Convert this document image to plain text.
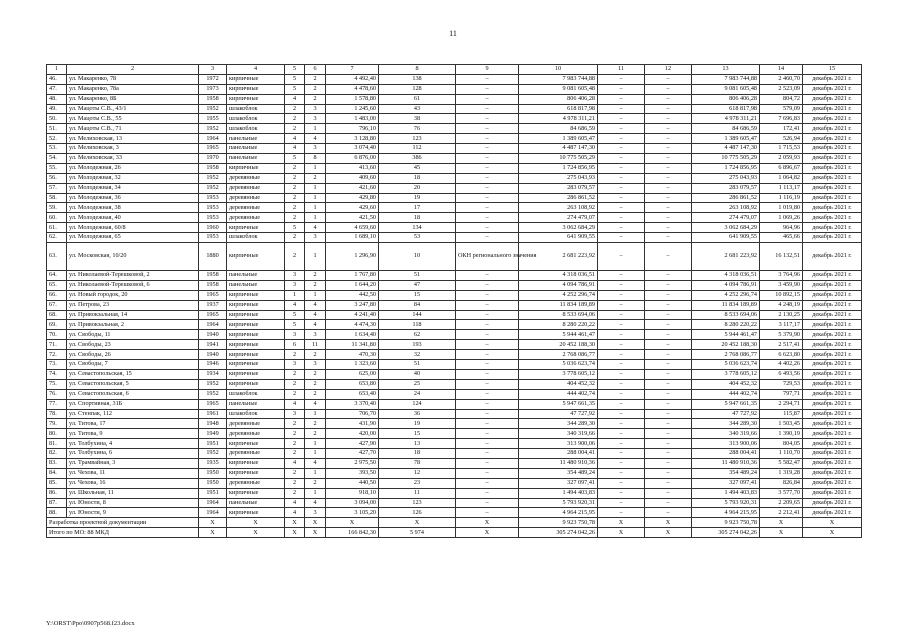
11
1	2	3	4	5	6	7	8	9	10	11	12	13	14	15
46.	ул. Макаренко, 78	1972	кирпичные	5	2	4 492,40	138	–	7 983 744,88	–	–	7 983 744,88	2 460,70	декабрь 2021 г.
47.	ул. Макаренко, 78а	1973	кирпичные	5	2	4 478,60	128	–	9 081 605,48	–	–	9 081 605,48	2 523,09	декабрь 2021 г.
48.	ул. Макаренко, 8Б	1958	кирпичные	4	2	1 578,80	61	–	806 406,28	–	–	806 406,28	804,72	декабрь 2021 г.
49.	ул. Мацоты С.В., 43/1	1952	шлакоблок	2	3	1 245,60	43	–	618 817,98	–	–	618 817,98	579,09	декабрь 2021 г.
50.	ул. Мацоты С.В., 55	1955	шлакоблок	2	3	1 483,00	38	–	4 978 311,21	–	–	4 978 311,21	7 696,83	декабрь 2021 г.
51.	ул. Мацоты С.В., 71	1952	шлакоблок	2	1	796,10	76	–	84 686,59	–	–	84 686,59	172,41	декабрь 2021 г.
52.	ул. Мелиховская, 13	1964	панельные	4	4	3 128,80	123	–	1 389 605,47	–	–	1 389 605,47	526,94	декабрь 2021 г.
53.	ул. Мелиховская, 3	1965	панельные	4	3	3 074,40	112	–	4 487 147,30	–	–	4 487 147,30	1 715,53	декабрь 2021 г.
54.	ул. Мелиховская, 33	1970	панельные	5	8	6 876,00	386	–	10 775 505,29	–	–	10 775 505,29	2 059,93	декабрь 2021 г.
55.	ул. Молодежная, 26	1958	кирпичные	2	1	413,60	45	–	1 724 856,95	–	–	1 724 856,95	6 896,67	декабрь 2021 г.
56.	ул. Молодежная, 32	1952	деревянные	2	2	409,60	18	–	275 043,93	–	–	275 043,93	1 064,82	декабрь 2021 г.
57.	ул. Молодежная, 34	1952	деревянные	2	1	421,60	20	–	283 079,57	–	–	283 079,57	1 113,17	декабрь 2021 г.
58.	ул. Молодежная, 36	1953	деревянные	2	1	429,80	19	–	286 861,52	–	–	286 861,52	1 116,19	декабрь 2021 г.
59.	ул. Молодежная, 38	1953	деревянные	2	1	429,60	17	–	263 108,92	–	–	263 108,92	1 019,80	декабрь 2021 г.
60.	ул. Молодежная, 40	1953	деревянные	2	1	421,50	18	–	274 479,07	–	–	274 479,07	1 069,26	декабрь 2021 г.
61.	ул. Молодежная, 60/8	1960	кирпичные	5	4	4 659,60	134	–	3 062 684,29	–	–	3 062 684,29	964,96	декабрь 2021 г.
62.	ул. Молодежная, 65	1953	шлакоблок	2	3	1 689,10	53	–	641 909,55	–	–	641 909,55	465,66	декабрь 2021 г.
63.	ул. Московская, 10/20	1880	кирпичные	2	1	1 296,90	10	ОКН регионального значения	2 681 223,92	–	–	2 681 223,92	16 132,51	декабрь 2021 г.
64.	ул. Николаевой-Терешковой, 2	1958	панельные	3	2	1 767,80	51	–	4 318 036,51	–	–	4 318 036,51	3 764,96	декабрь 2021 г.
65.	ул. Николаевой-Терешковой, 6	1958	панельные	3	2	1 644,20	47	–	4 094 786,91	–	–	4 094 786,91	3 459,90	декабрь 2021 г.
66.	ул. Новый городок, 20	1965	кирпичные	1	1	442,50	15	–	4 252 296,74	–	–	4 252 296,74	10 892,15	декабрь 2021 г.
67.	ул. Петрова, 23	1937	кирпичные	4	4	3 247,80	84	–	11 834 189,89	–	–	11 834 189,89	4 248,19	декабрь 2021 г.
68.	ул. Привокзальная, 14	1965	кирпичные	5	4	4 241,40	144	–	8 533 694,06	–	–	8 533 694,06	2 130,25	декабрь 2021 г.
69.	ул. Привокзальная, 2	1964	кирпичные	5	4	4 474,30	118	–	8 280 220,22	–	–	8 280 220,22	3 117,17	декабрь 2021 г.
70.	ул. Свободы, 11	1940	кирпичные	3	3	1 634,40	62	–	5 944 461,47	–	–	5 944 461,47	5 379,90	декабрь 2021 г.
71.	ул. Свободы, 23	1941	кирпичные	6	11	11 341,80	193	–	20 452 188,30	–	–	20 452 188,30	2 517,41	декабрь 2021 г.
72.	ул. Свободы, 26	1940	кирпичные	2	2	470,30	32	–	2 768 086,77	–	–	2 768 086,77	6 623,80	декабрь 2021 г.
73.	ул. Свободы, 7	1946	кирпичные	3	3	1 323,60	51	–	5 036 623,74	–	–	5 036 623,74	4 402,26	декабрь 2021 г.
74.	ул. Севастопольская, 15	1934	кирпичные	2	2	625,00	40	–	3 778 605,12	–	–	3 778 605,12	6 493,56	декабрь 2021 г.
75.	ул. Севастопольская, 5	1952	кирпичные	2	2	653,80	25	–	404 452,32	–	–	404 452,32	729,53	декабрь 2021 г.
76.	ул. Севастопольская, 6	1952	шлакоблок	2	2	653,40	24	–	444 402,74	–	–	444 402,74	797,71	декабрь 2021 г.
77.	ул. Спортивная, 31Б	1965	панельные	4	4	3 370,40	124	–	5 947 661,35	–	–	5 947 661,35	2 294,71	декабрь 2021 г.
78.	ул. Стенпак, 112	1961	шлакоблок	3	1	706,70	36	–	47 727,92	–	–	47 727,92	115,87	декабрь 2021 г.
79.	ул. Титова, 17	1948	деревянные	2	2	431,90	19	–	344 289,30	–	–	344 289,30	1 503,45	декабрь 2021 г.
80.	ул. Титова, 9	1949	деревянные	2	2	420,00	15	–	340 319,66	–	–	340 319,66	1 390,19	декабрь 2021 г.
81.	ул. Толбухина, 4	1951	кирпичные	2	1	427,90	13	–	313 900,06	–	–	313 900,06	804,05	декабрь 2021 г.
82.	ул. Толбухина, 6	1952	деревянные	2	1	427,70	18	–	288 004,41	–	–	288 004,41	1 110,70	декабрь 2021 г.
83.	ул. Трамвайная, 3	1935	кирпичные	4	4	2 975,50	78	–	11 480 910,36	–	–	11 480 910,36	5 582,47	декабрь 2021 г.
84.	ул. Чехова, 11	1950	кирпичные	2	1	393,50	12	–	354 489,24	–	–	354 489,24	1 319,28	декабрь 2021 г.
85.	ул. Чехова, 16	1950	деревянные	2	2	440,50	23	–	327 097,41	–	–	327 097,41	826,84	декабрь 2021 г.
86.	ул. Школьная, 11	1951	кирпичные	2	1	918,10	11	–	1 494 403,83	–	–	1 494 403,83	3 577,70	декабрь 2021 г.
87.	ул. Юности, 8	1964	панельные	4	4	3 094,00	123	–	5 793 920,31	–	–	5 793 920,31	2 209,65	декабрь 2021 г.
88.	ул. Юности, 9	1964	кирпичные	4	3	3 105,20	126	–	4 964 215,95	–	–	4 964 215,95	2 212,41	декабрь 2021 г.
Разработка проектной документации		X	X	X	X	X	X	X	9 923 750,78	X	X	9 923 750,78	X	X
Итого по МО: 88 МКД		X	X	X	X	166 842,30	5 974	X	305 274 042,26	X	X	305 274 042,26	X	X
Y:\ORST\Ppo\0907p568.f23.docx
